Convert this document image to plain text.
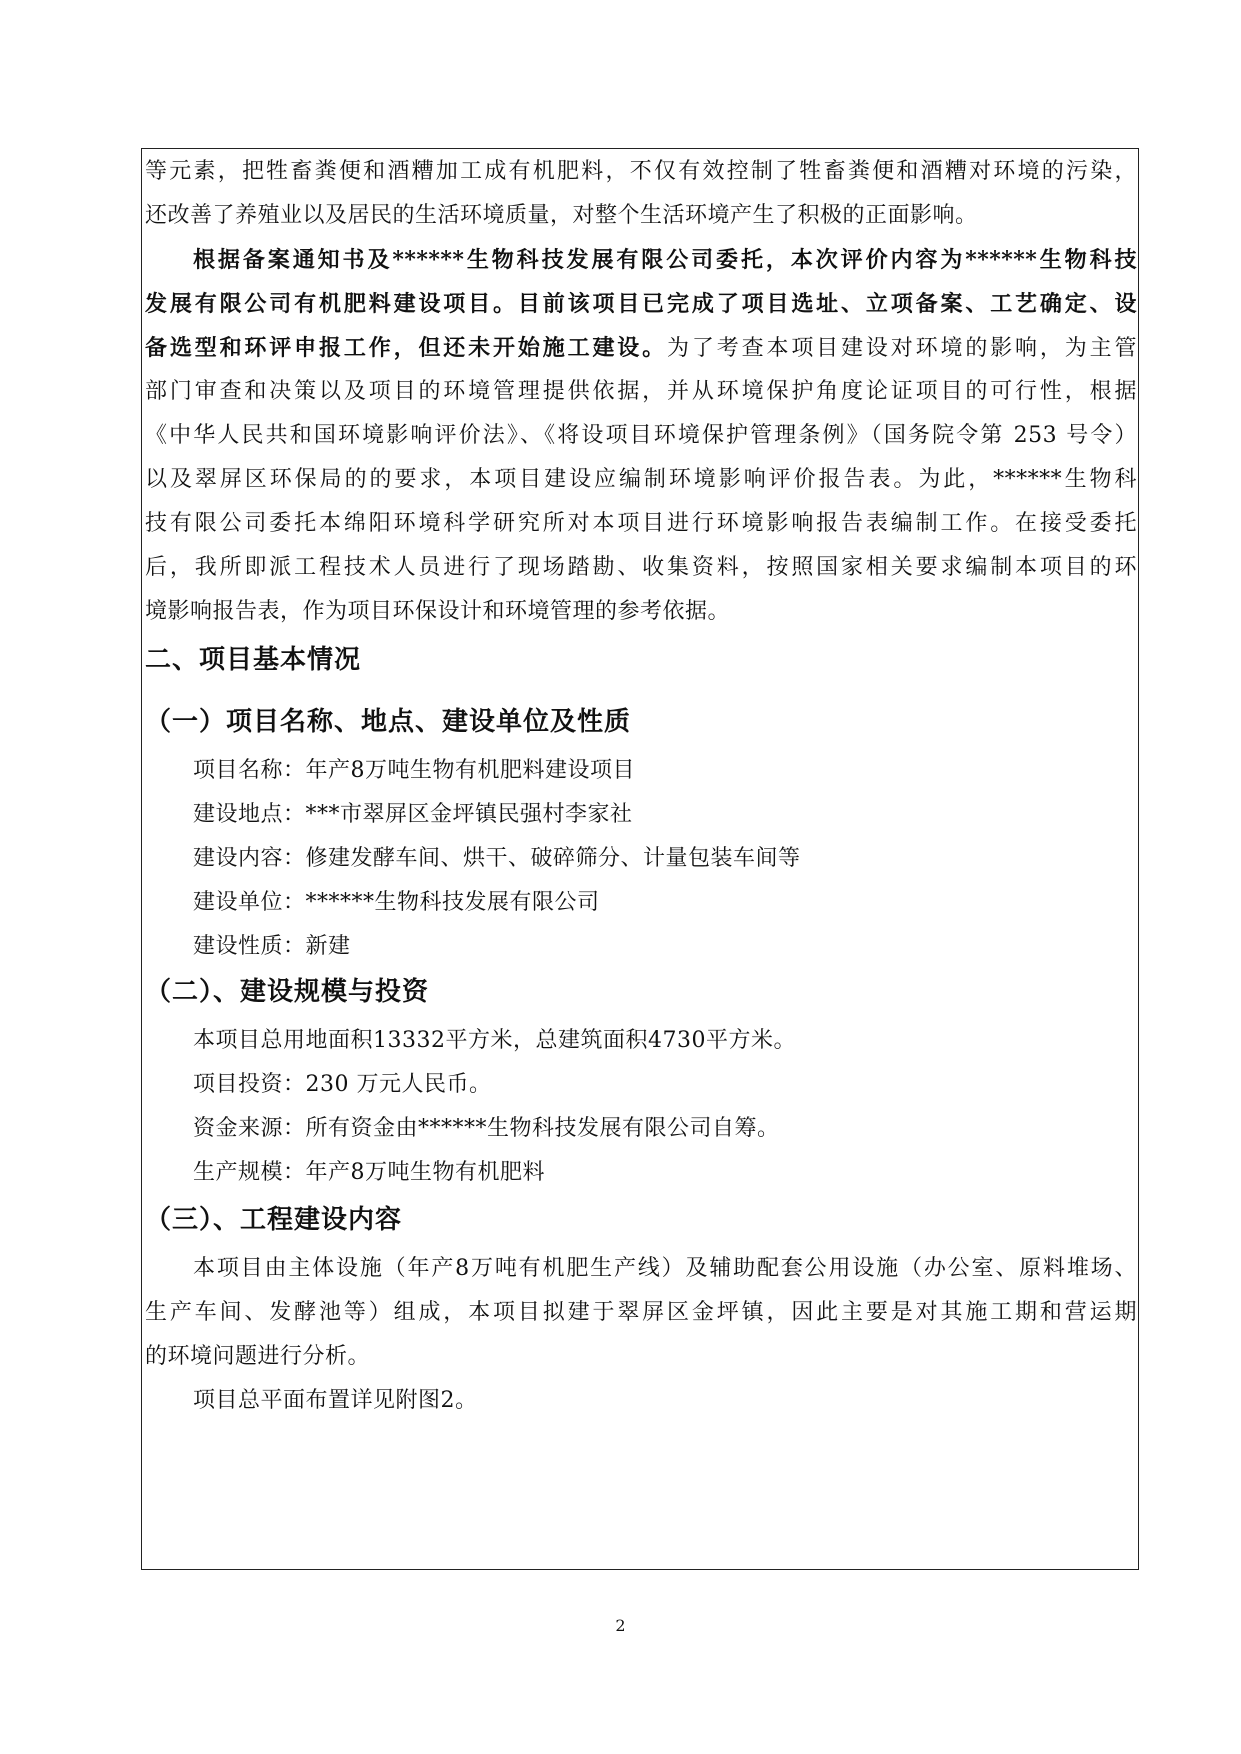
等元素，把牲畜粪便和酒糟加工成有机肥料，不仅有效控制了牲畜粪便和酒糟对环境的污染，
还改善了养殖业以及居民的生活环境质量，对整个生活环境产生了积极的正面影响。
根据备案通知书及******生物科技发展有限公司委托，本次评价内容为******生物科技
发展有限公司有机肥料建设项目。目前该项目已完成了项目选址、立项备案、工艺确定、设
备选型和环评申报工作，但还未开始施工建设。为了考查本项目建设对环境的影响，为主管
部门审查和决策以及项目的环境管理提供依据，并从环境保护角度论证项目的可行性，根据
《中华人民共和国环境影响评价法》、《将设项目环境保护管理条例》（国务院令第 253 号令）
以及翠屏区环保局的的要求，本项目建设应编制环境影响评价报告表。为此，******生物科
技有限公司委托本绵阳环境科学研究所对本项目进行环境影响报告表编制工作。在接受委托
后，我所即派工程技术人员进行了现场踏勘、收集资料，按照国家相关要求编制本项目的环
境影响报告表，作为项目环保设计和环境管理的参考依据。
二、项目基本情况
（一）项目名称、地点、建设单位及性质
项目名称：年产8万吨生物有机肥料建设项目
建设地点：***市翠屏区金坪镇民强村李家社
建设内容：修建发酵车间、烘干、破碎筛分、计量包装车间等
建设单位：******生物科技发展有限公司
建设性质：新建
（二）、建设规模与投资
本项目总用地面积13332平方米，总建筑面积4730平方米。
项目投资：230 万元人民币。
资金来源：所有资金由******生物科技发展有限公司自筹。
生产规模：年产8万吨生物有机肥料
（三）、工程建设内容
本项目由主体设施（年产8万吨有机肥生产线）及辅助配套公用设施（办公室、原料堆场、
生产车间、发酵池等）组成，本项目拟建于翠屏区金坪镇，因此主要是对其施工期和营运期
的环境问题进行分析。
项目总平面布置详见附图2。
2
